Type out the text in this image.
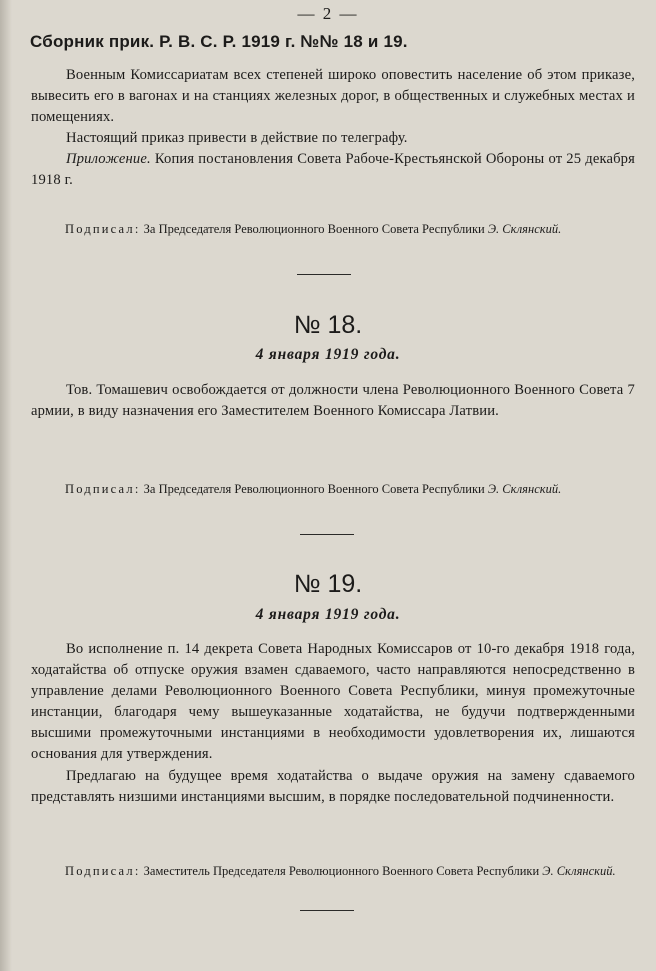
— 2 —
Сборник прик. Р. В. С. Р. 1919 г. №№ 18 и 19.
Военным Комиссариатам всех степеней широко оповестить население об этом приказе, вывесить его в вагонах и на станциях железных дорог, в общественных и служебных местах и помещениях.
Настоящий приказ привести в действие по телеграфу.
Приложение. Копия постановления Совета Рабоче-Крестьянской Обороны от 25 декабря 1918 г.
Подписал: За Председателя Революционного Военного Совета Республики Э. Склянский.
№ 18.
4 января 1919 года.
Тов. Томашевич освобождается от должности члена Революционного Военного Совета 7 армии, в виду назначения его Заместителем Военного Комиссара Латвии.
Подписал: За Председателя Революционного Военного Совета Республики Э. Склянский.
№ 19.
4 января 1919 года.
Во исполнение п. 14 декрета Совета Народных Комиссаров от 10-го декабря 1918 года, ходатайства об отпуске оружия взамен сдаваемого, часто направляются непосредственно в управление делами Революционного Военного Совета Республики, минуя промежуточные инстанции, благодаря чему вышеуказанные ходатайства, не будучи подтвержденными высшими промежуточными инстанциями в необходимости удовлетворения их, лишаются основания для утверждения.
Предлагаю на будущее время ходатайства о выдаче оружия на замену сдаваемого представлять низшими инстанциями высшим, в порядке последовательной подчиненности.
Подписал: Заместитель Председателя Революционного Военного Совета Республики Э. Склянский.
